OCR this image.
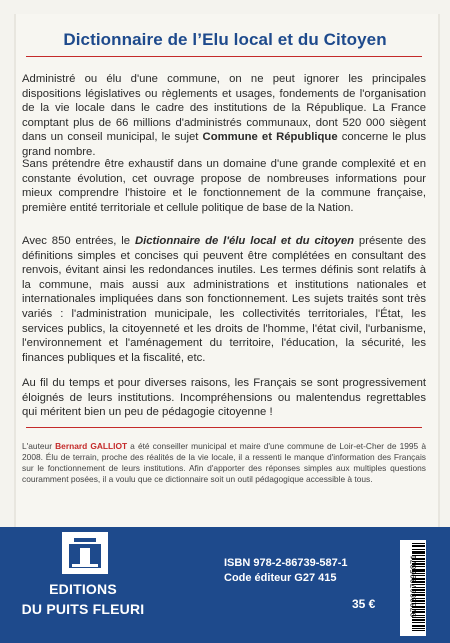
Dictionnaire de l’Elu local et du Citoyen
Administré ou élu d'une commune, on ne peut ignorer les principales dispositions législatives ou règlements et usages, fondements de l'organisation de la vie locale dans le cadre des institutions de la République. La France comptant plus de 66 millions d'administrés communaux, dont 520 000 siègent dans un conseil municipal, le sujet Commune et République concerne le plus grand nombre.
Sans prétendre être exhaustif dans un domaine d'une grande complexité et en constante évolution, cet ouvrage propose de nombreuses informations pour mieux comprendre l'histoire et le fonctionnement de la commune française, première entité territoriale et cellule politique de base de la Nation.
Avec 850 entrées, le Dictionnaire de l'élu local et du citoyen présente des définitions simples et concises qui peuvent être complétées en consultant des renvois, évitant ainsi les redondances inutiles. Les termes définis sont relatifs à la commune, mais aussi aux administrations et institutions nationales et internationales impliquées dans son fonctionnement. Les sujets traités sont très variés : l'administration municipale, les collectivités territoriales, l'État, les services publics, la citoyenneté et les droits de l'homme, l'état civil, l'urbanisme, l'environnement et l'aménagement du territoire, l'éducation, la sécurité, les finances publiques et la fiscalité, etc.
Au fil du temps et pour diverses raisons, les Français se sont progressivement éloignés de leurs institutions. Incompréhensions ou malentendus regrettables qui méritent bien un peu de pédagogie citoyenne !
L'auteur Bernard GALLIOT a été conseiller municipal et maire d'une commune de Loir-et-Cher de 1995 à 2008. Élu de terrain, proche des réalités de la vie locale, il a ressenti le manque d'information des Français sur le fonctionnement de leurs institutions. Afin d'apporter des réponses simples aux multiples questions couramment posées, il a voulu que ce dictionnaire soit un outil pédagogique accessible à tous.
EDITIONS
DU PUITS FLEURI
ISBN 978-2-86739-587-1
Code éditeur G27 415
35 €	9782867395871
